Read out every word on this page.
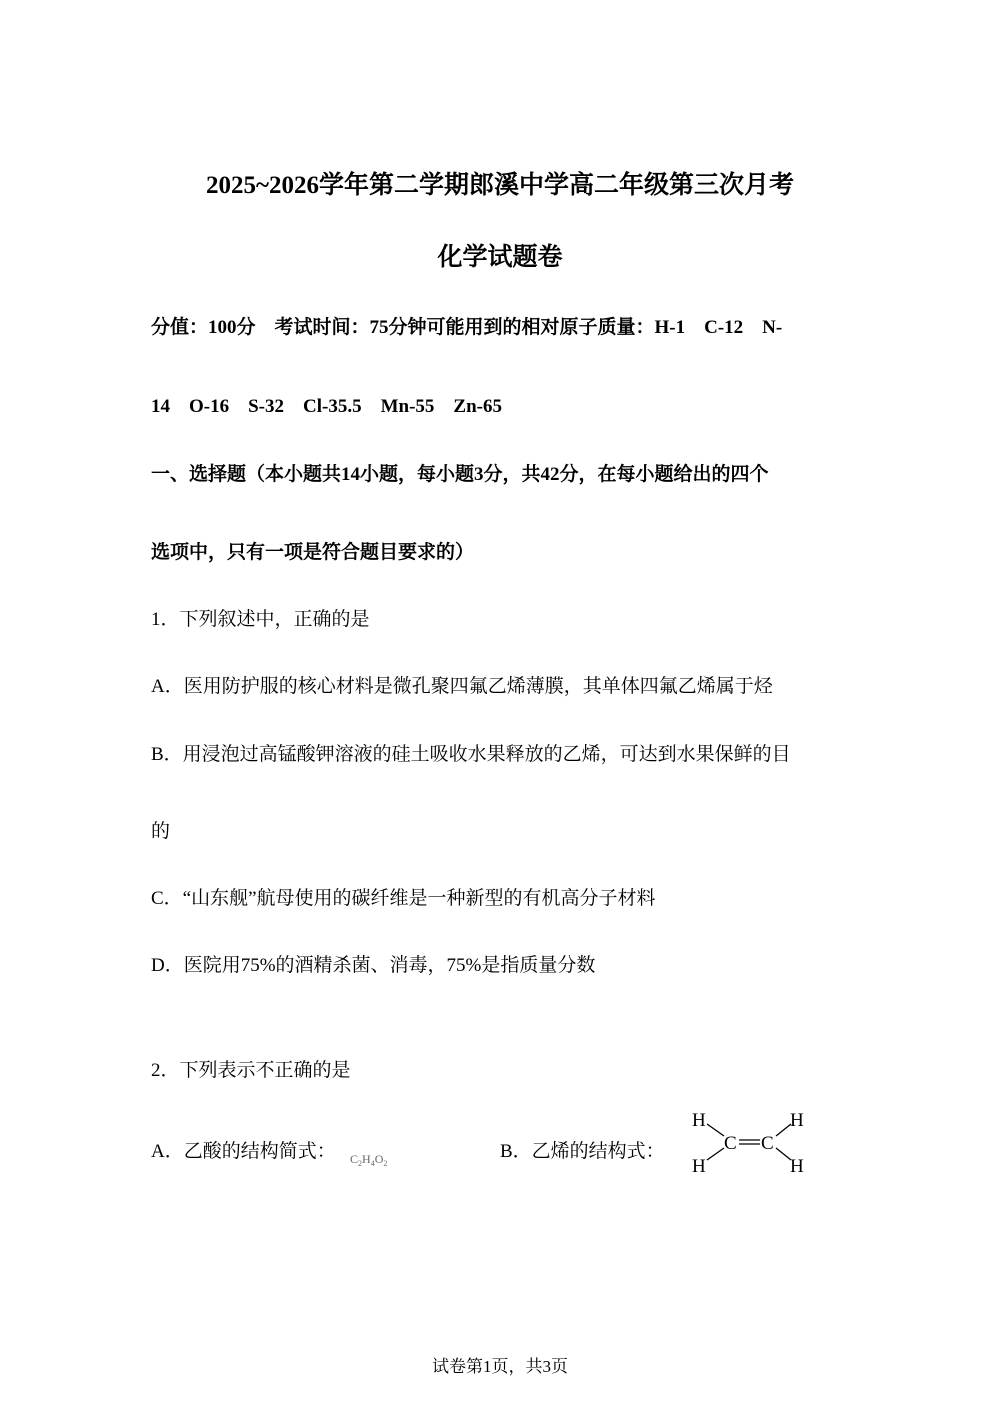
2025~2026学年第二学期郎溪中学高二年级第三次月考
化学试题卷
分值：100分　考试时间：75分钟可能用到的相对原子质量：H-1　C-12　N-
14　O-16　S-32　Cl-35.5　Mn-55　Zn-65
一、选择题（本小题共14小题，每小题3分，共42分，在每小题给出的四个
选项中，只有一项是符合题目要求的）
1．下列叙述中，正确的是
A．医用防护服的核心材料是微孔聚四氟乙烯薄膜，其单体四氟乙烯属于烃
B．用浸泡过高锰酸钾溶液的硅土吸收水果释放的乙烯，可达到水果保鲜的目
的
C．“山东舰”航母使用的碳纤维是一种新型的有机高分子材料
D．医院用75%的酒精杀菌、消毒，75%是指质量分数
2．下列表示不正确的是
A．乙酸的结构简式： $C_2H_4O_2$
B．乙烯的结构式：
H	H
H	H
C C
试卷第1页，共3页
